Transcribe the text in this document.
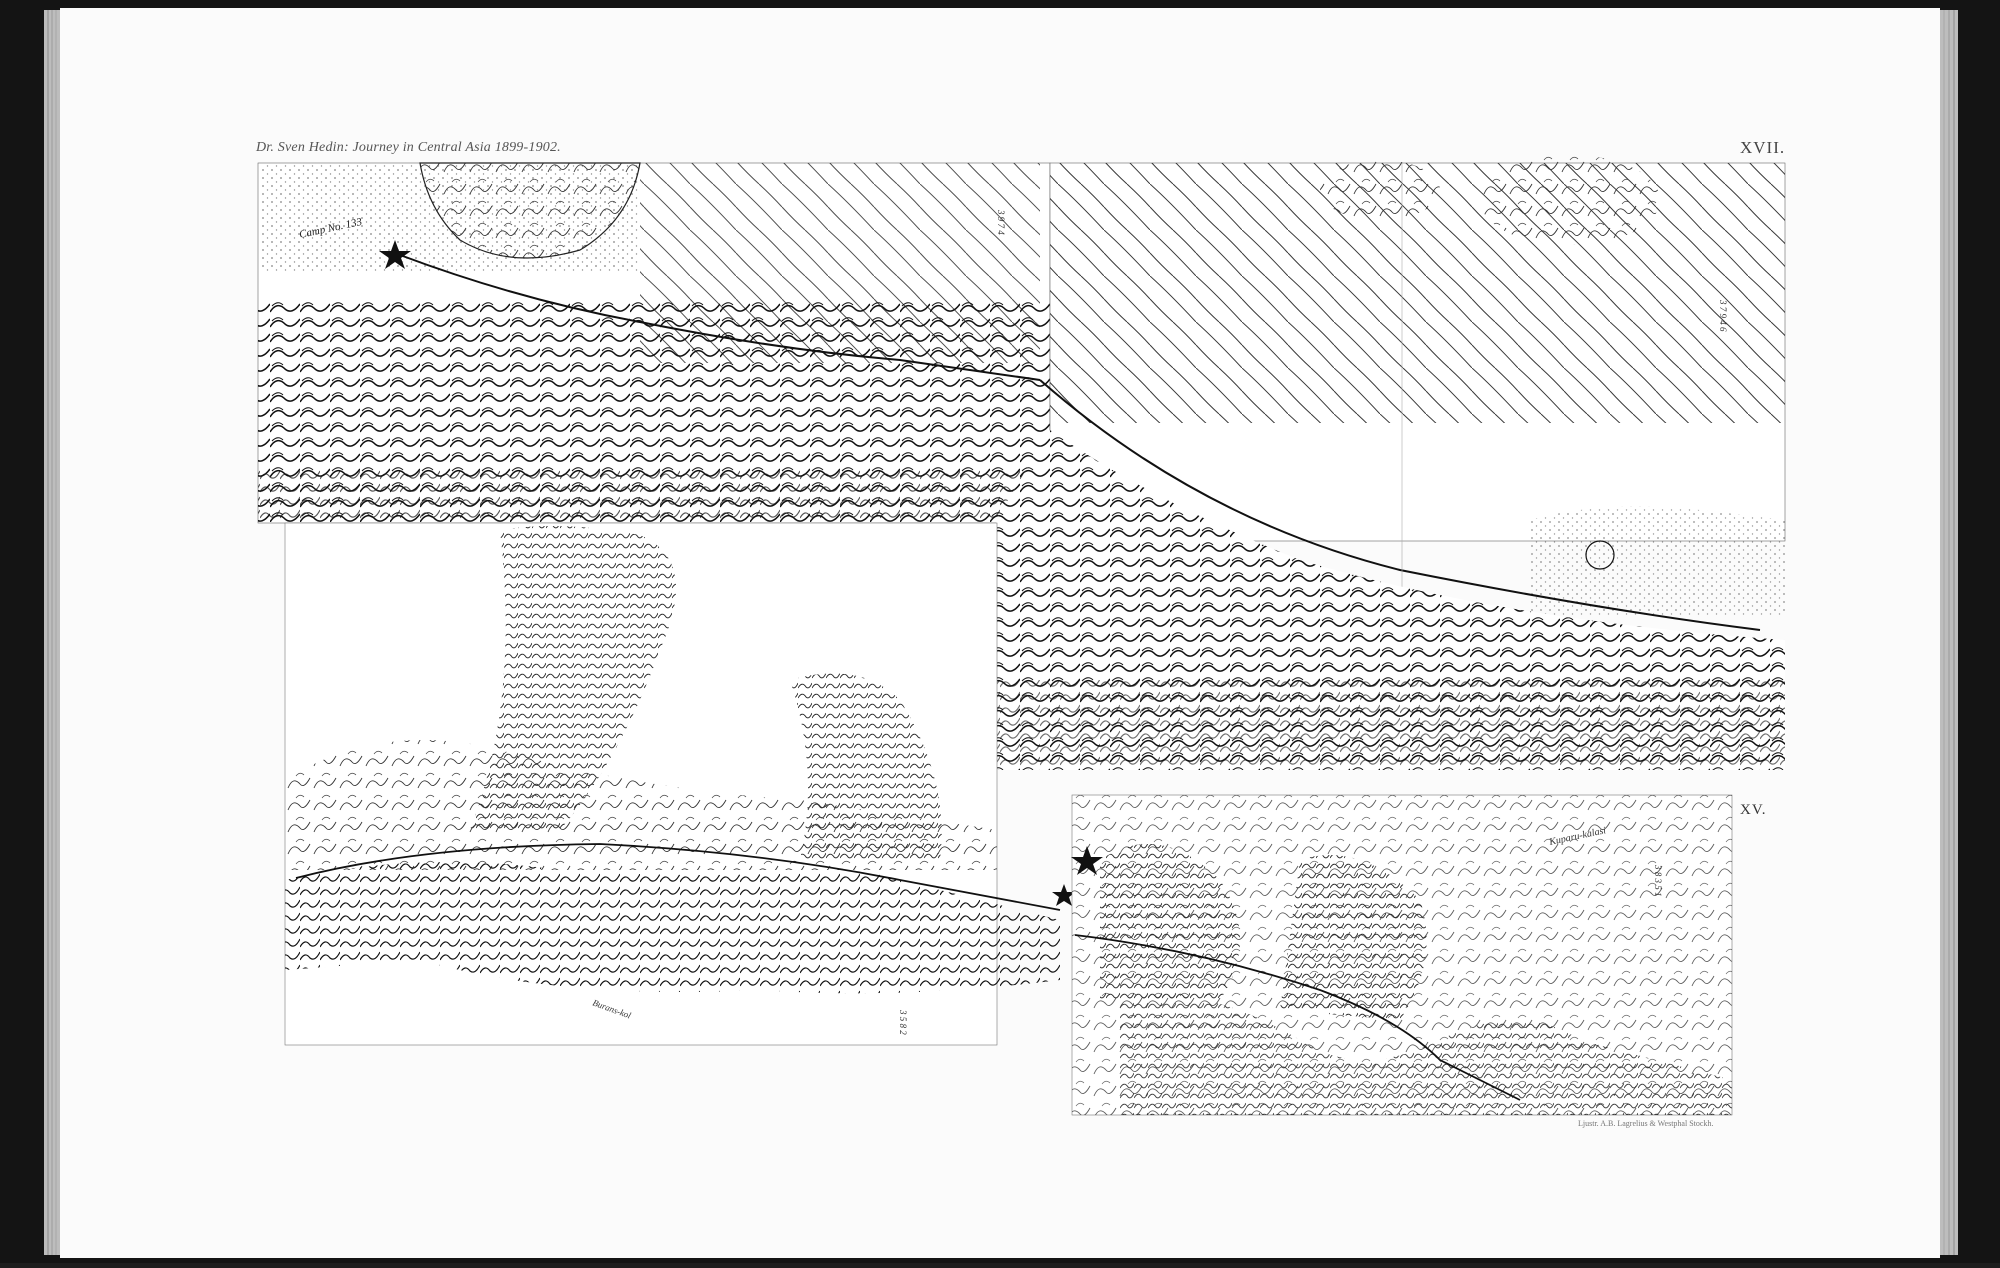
Camp No. 133	3 9 7 4
3 7 9 4 6
Burans-kol
3 5 8 2
Kuparu-kalasi
3 8 3 5 1
Dr. Sven Hedin: Journey in Central Asia 1899-1902.	XVII.
XV.
Ljustr. A.B. Lagrelius & Westphal Stockh.
